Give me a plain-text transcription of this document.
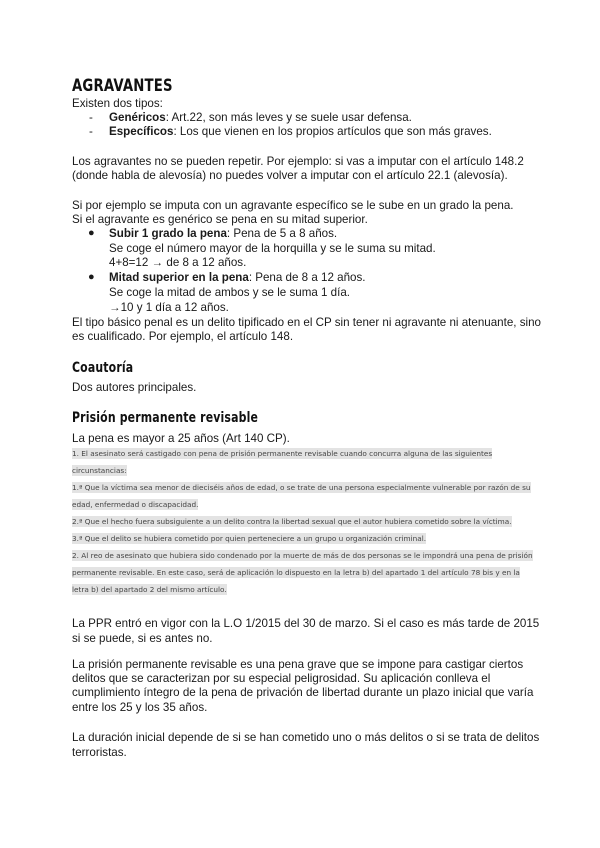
AGRAVANTES
Existen dos tipos:
- Genéricos: Art.22, son más leves y se suele usar defensa.
- Específicos: Los que vienen en los propios artículos que son más graves.
Los agravantes no se pueden repetir. Por ejemplo: si vas a imputar con el artículo 148.2
(donde habla de alevosía) no puedes volver a imputar con el artículo 22.1 (alevosía).
Si por ejemplo se imputa con un agravante específico se le sube en un grado la pena.
Si el agravante es genérico se pena en su mitad superior.
● Subir 1 grado la pena: Pena de 5 a 8 años.
Se coge el número mayor de la horquilla y se le suma su mitad.
4+8=12 → de 8 a 12 años.
● Mitad superior en la pena: Pena de 8 a 12 años.
Se coge la mitad de ambos y se le suma 1 día.
→10 y 1 día a 12 años.
El tipo básico penal es un delito tipificado en el CP sin tener ni agravante ni atenuante, sino
es cualificado. Por ejemplo, el artículo 148.
Coautoría
Dos autores principales.
Prisión permanente revisable
La pena es mayor a 25 años (Art 140 CP).
1. El asesinato será castigado con pena de prisión permanente revisable cuando concurra alguna de las siguientes
circunstancias:
1.ª Que la víctima sea menor de dieciséis años de edad, o se trate de una persona especialmente vulnerable por razón de su
edad, enfermedad o discapacidad.
2.ª Que el hecho fuera subsiguiente a un delito contra la libertad sexual que el autor hubiera cometido sobre la víctima.
3.ª Que el delito se hubiera cometido por quien perteneciere a un grupo u organización criminal.
2. Al reo de asesinato que hubiera sido condenado por la muerte de más de dos personas se le impondrá una pena de prisión
permanente revisable. En este caso, será de aplicación lo dispuesto en la letra b) del apartado 1 del artículo 78 bis y en la
letra b) del apartado 2 del mismo artículo.
La PPR entró en vigor con la L.O 1/2015 del 30 de marzo. Si el caso es más tarde de 2015
si se puede, si es antes no.
La prisión permanente revisable es una pena grave que se impone para castigar ciertos
delitos que se caracterizan por su especial peligrosidad. Su aplicación conlleva el
cumplimiento íntegro de la pena de privación de libertad durante un plazo inicial que varía
entre los 25 y los 35 años.
La duración inicial depende de si se han cometido uno o más delitos o si se trata de delitos
terroristas.
